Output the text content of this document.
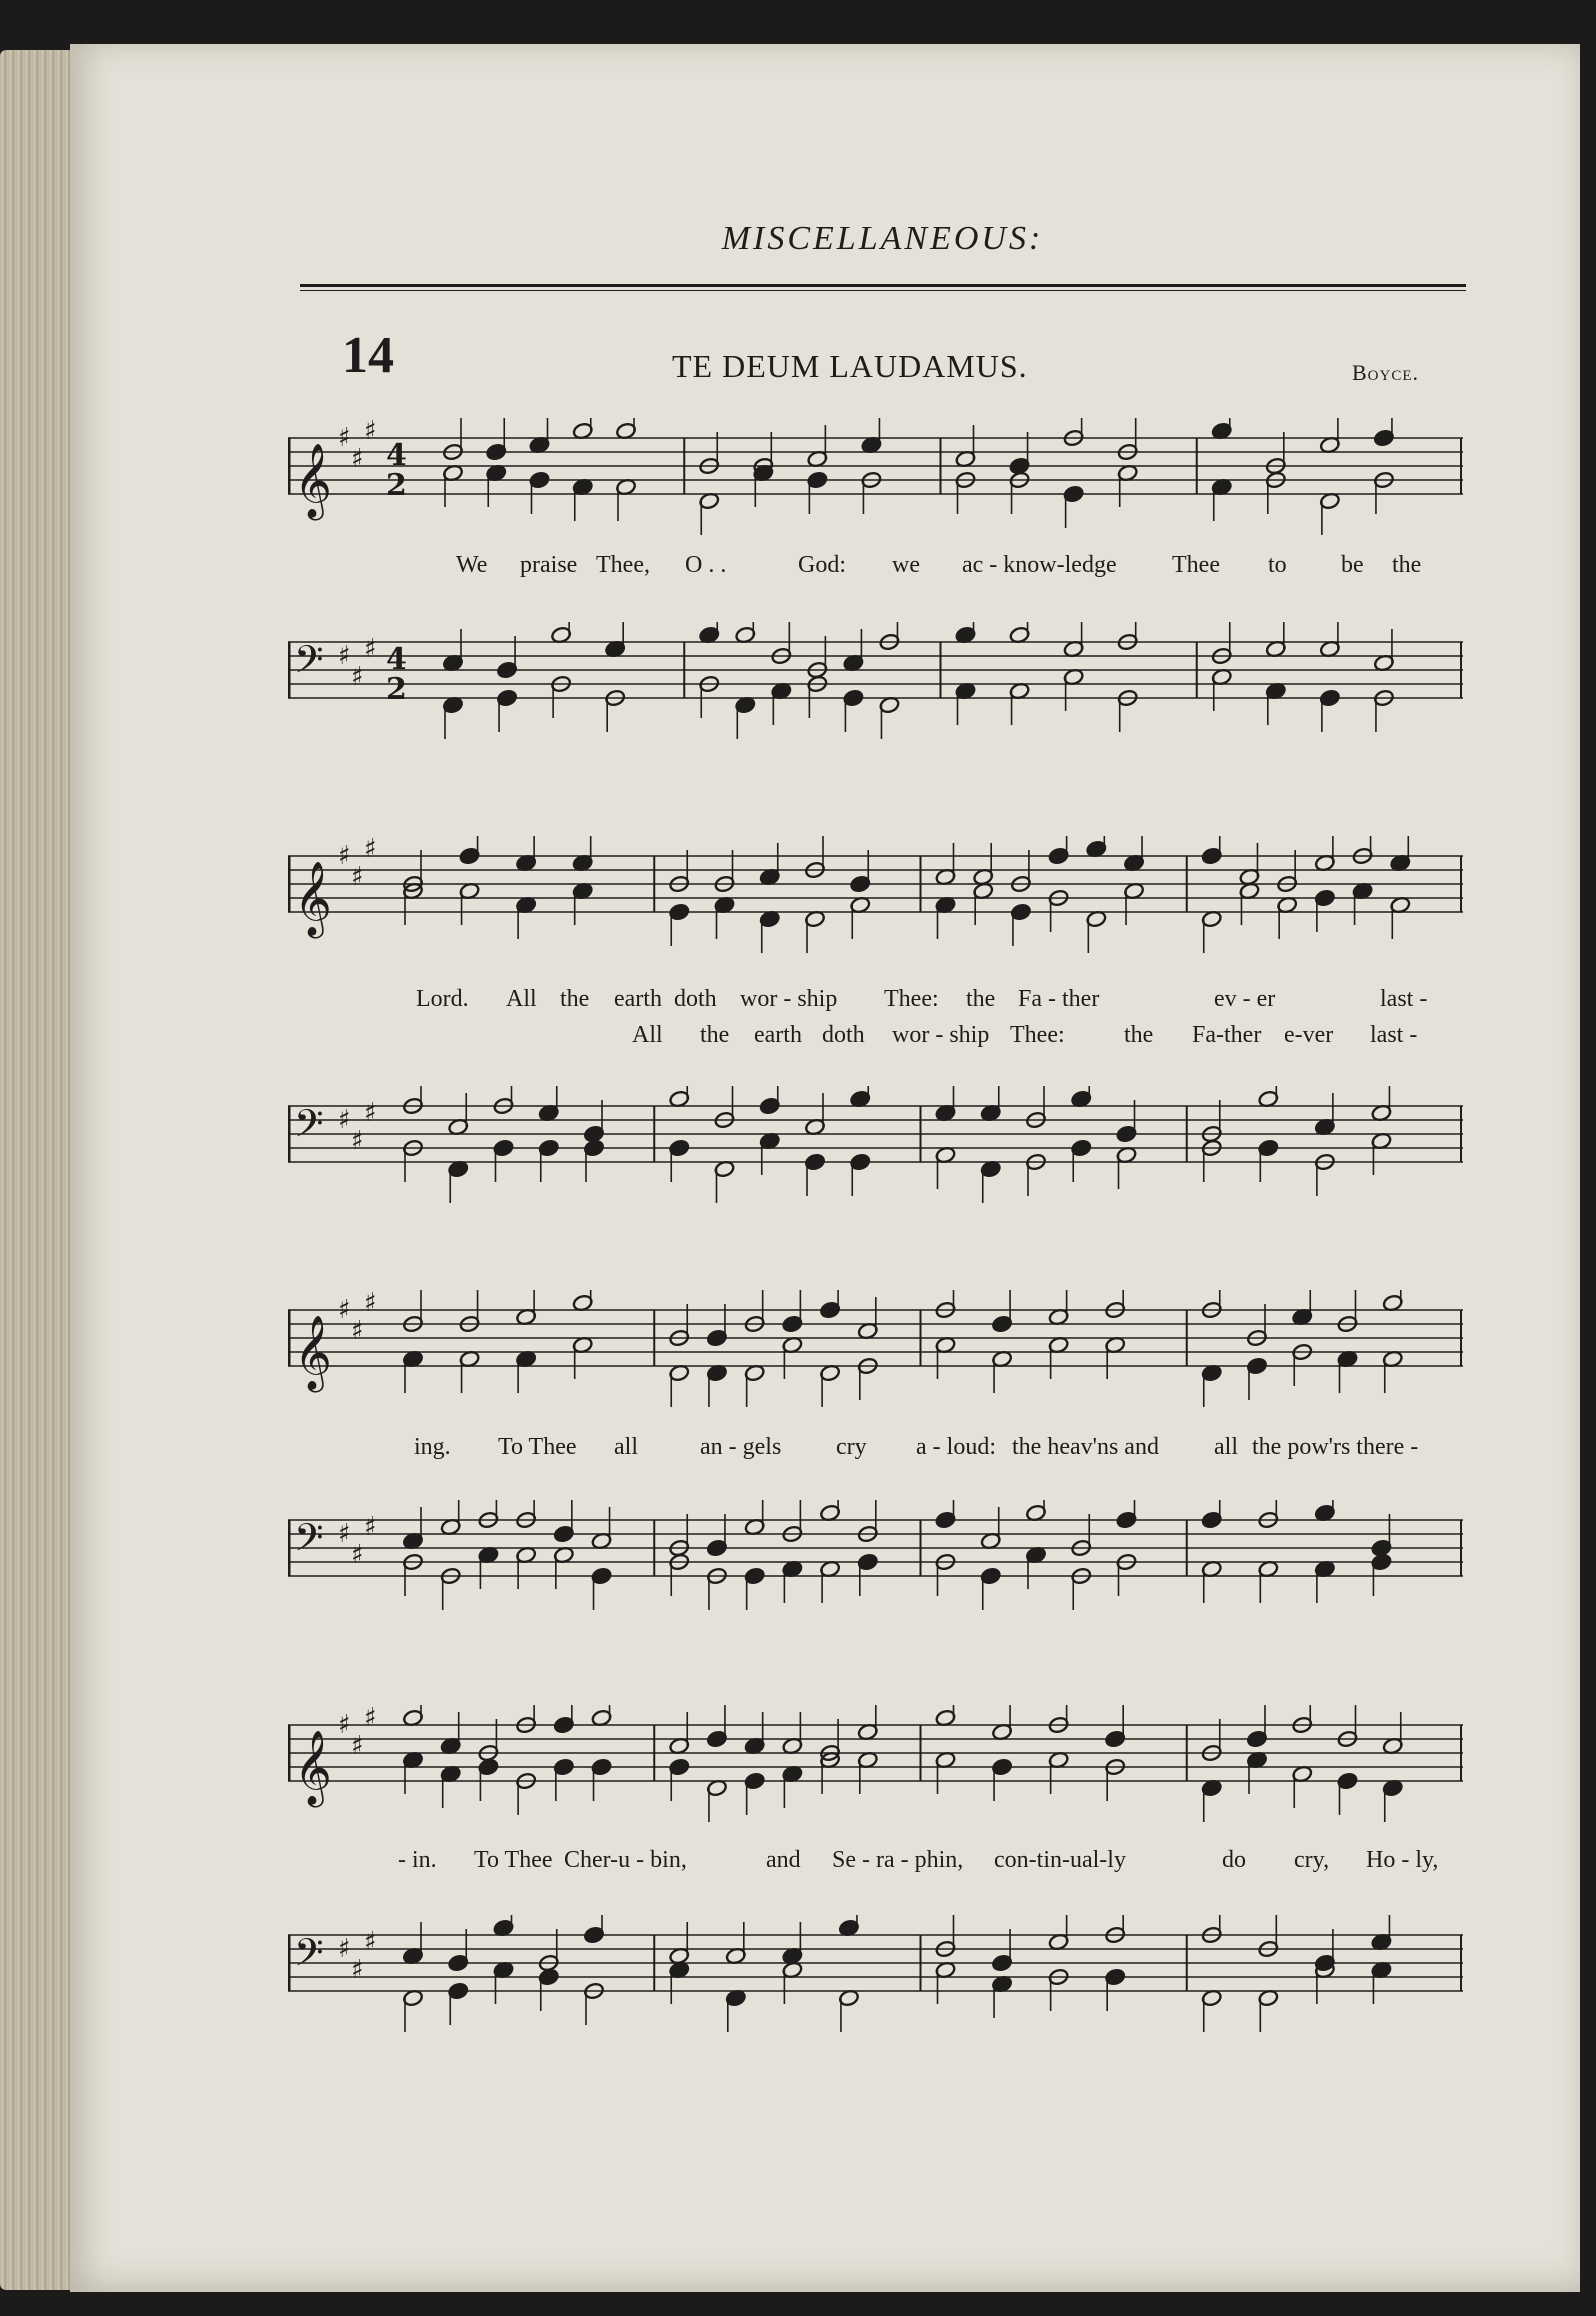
MISCELLANEOUS:
14	TE DEUM LAUDAMUS.	Boyce.
𝄞
♯
♯
♯
4
2
We praise Thee, O . .	God: we ac - know-ledge Thee to be the
𝄢 ♯
♯
♯ 4
2
𝄞
♯
♯
♯
Lord. All the earth doth wor - ship Thee: the Fa - ther	ev - er	last -
All the earth doth wor - ship Thee: the Fa-ther e-ver last -
𝄢 ♯
♯
♯
𝄞
♯
♯
♯
ing. To Thee all	an - gels cry a - loud: the heav'ns and all the pow'rs there -
𝄢 ♯
♯
♯
𝄞
♯
♯
♯
- in. To Thee Cher-u - bin,	and Se - ra - phin, con-tin-ual-ly	do cry, Ho - ly,
𝄢 ♯
♯
♯
